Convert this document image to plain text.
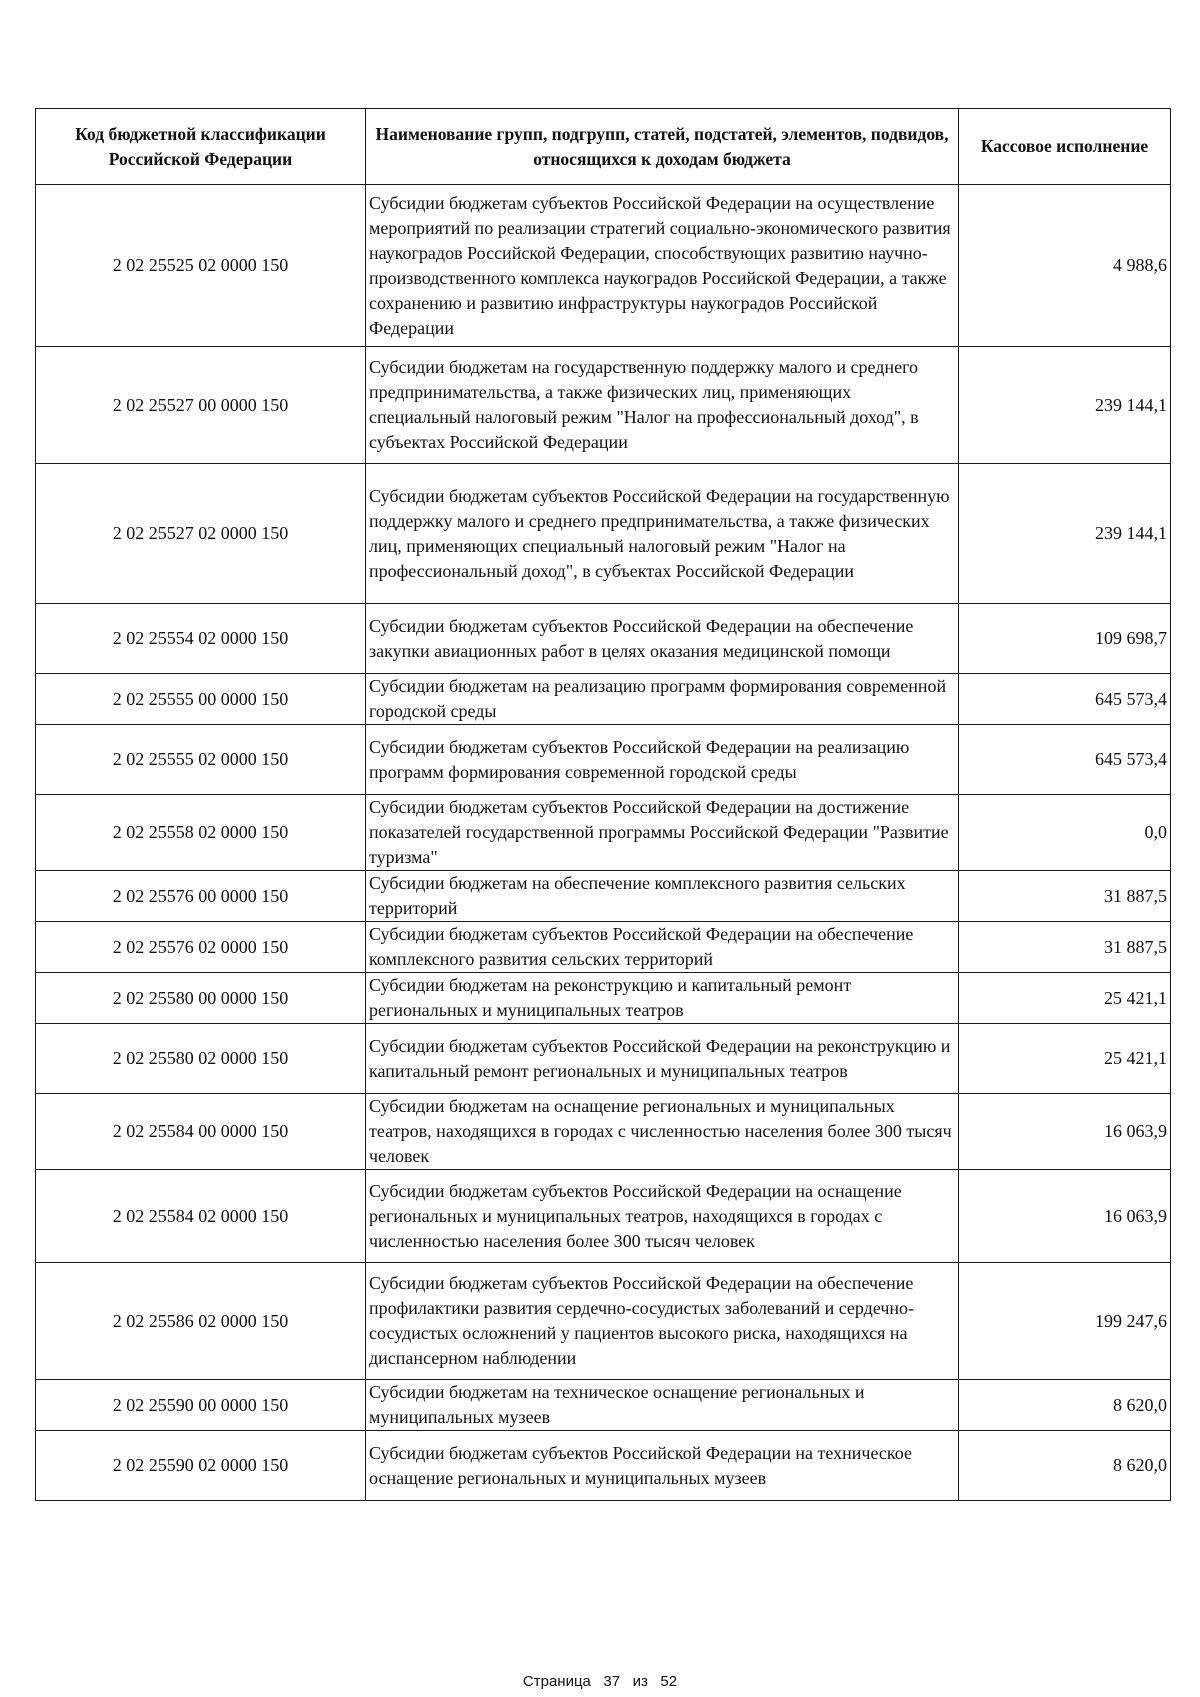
Код бюджетной классификации Российской Федерации	Наименование групп, подгрупп, статей, подстатей, элементов, подвидов, относящихся к доходам бюджета	Кассовое исполнение
2 02 25525 02 0000 150	Субсидии бюджетам субъектов Российской Федерации на осуществление мероприятий по реализации стратегий социально-экономического развития наукоградов Российской Федерации, способствующих развитию научно-производственного комплекса наукоградов Российской Федерации, а также сохранению и развитию инфраструктуры наукоградов Российской Федерации	4 988,6
2 02 25527 00 0000 150	Субсидии бюджетам на государственную поддержку малого и среднего предпринимательства, а также физических лиц, применяющих специальный налоговый режим "Налог на профессиональный доход", в субъектах Российской Федерации	239 144,1
2 02 25527 02 0000 150	Субсидии бюджетам субъектов Российской Федерации на государственную поддержку малого и среднего предпринимательства, а также физических лиц, применяющих специальный налоговый режим "Налог на профессиональный доход", в субъектах Российской Федерации	239 144,1
2 02 25554 02 0000 150	Субсидии бюджетам субъектов Российской Федерации на обеспечение закупки авиационных работ в целях оказания медицинской помощи	109 698,7
2 02 25555 00 0000 150	Субсидии бюджетам на реализацию программ формирования современной городской среды	645 573,4
2 02 25555 02 0000 150	Субсидии бюджетам субъектов Российской Федерации на реализацию программ формирования современной городской среды	645 573,4
2 02 25558 02 0000 150	Субсидии бюджетам субъектов Российской Федерации на достижение показателей государственной программы Российской Федерации "Развитие туризма"	0,0
2 02 25576 00 0000 150	Субсидии бюджетам на обеспечение комплексного развития сельских территорий	31 887,5
2 02 25576 02 0000 150	Субсидии бюджетам субъектов Российской Федерации на обеспечение комплексного развития сельских территорий	31 887,5
2 02 25580 00 0000 150	Субсидии бюджетам на реконструкцию и капитальный ремонт региональных и муниципальных театров	25 421,1
2 02 25580 02 0000 150	Субсидии бюджетам субъектов Российской Федерации на реконструкцию и капитальный ремонт региональных и муниципальных театров	25 421,1
2 02 25584 00 0000 150	Субсидии бюджетам на оснащение региональных и муниципальных театров, находящихся в городах с численностью населения более 300 тысяч человек	16 063,9
2 02 25584 02 0000 150	Субсидии бюджетам субъектов Российской Федерации на оснащение региональных и муниципальных театров, находящихся в городах с численностью населения более 300 тысяч человек	16 063,9
2 02 25586 02 0000 150	Субсидии бюджетам субъектов Российской Федерации на обеспечение профилактики развития сердечно-сосудистых заболеваний и сердечно-сосудистых осложнений у пациентов высокого риска, находящихся на диспансерном наблюдении	199 247,6
2 02 25590 00 0000 150	Субсидии бюджетам на техническое оснащение региональных и муниципальных музеев	8 620,0
2 02 25590 02 0000 150	Субсидии бюджетам субъектов Российской Федерации на техническое оснащение региональных и муниципальных музеев	8 620,0
Страница 37 из 52
